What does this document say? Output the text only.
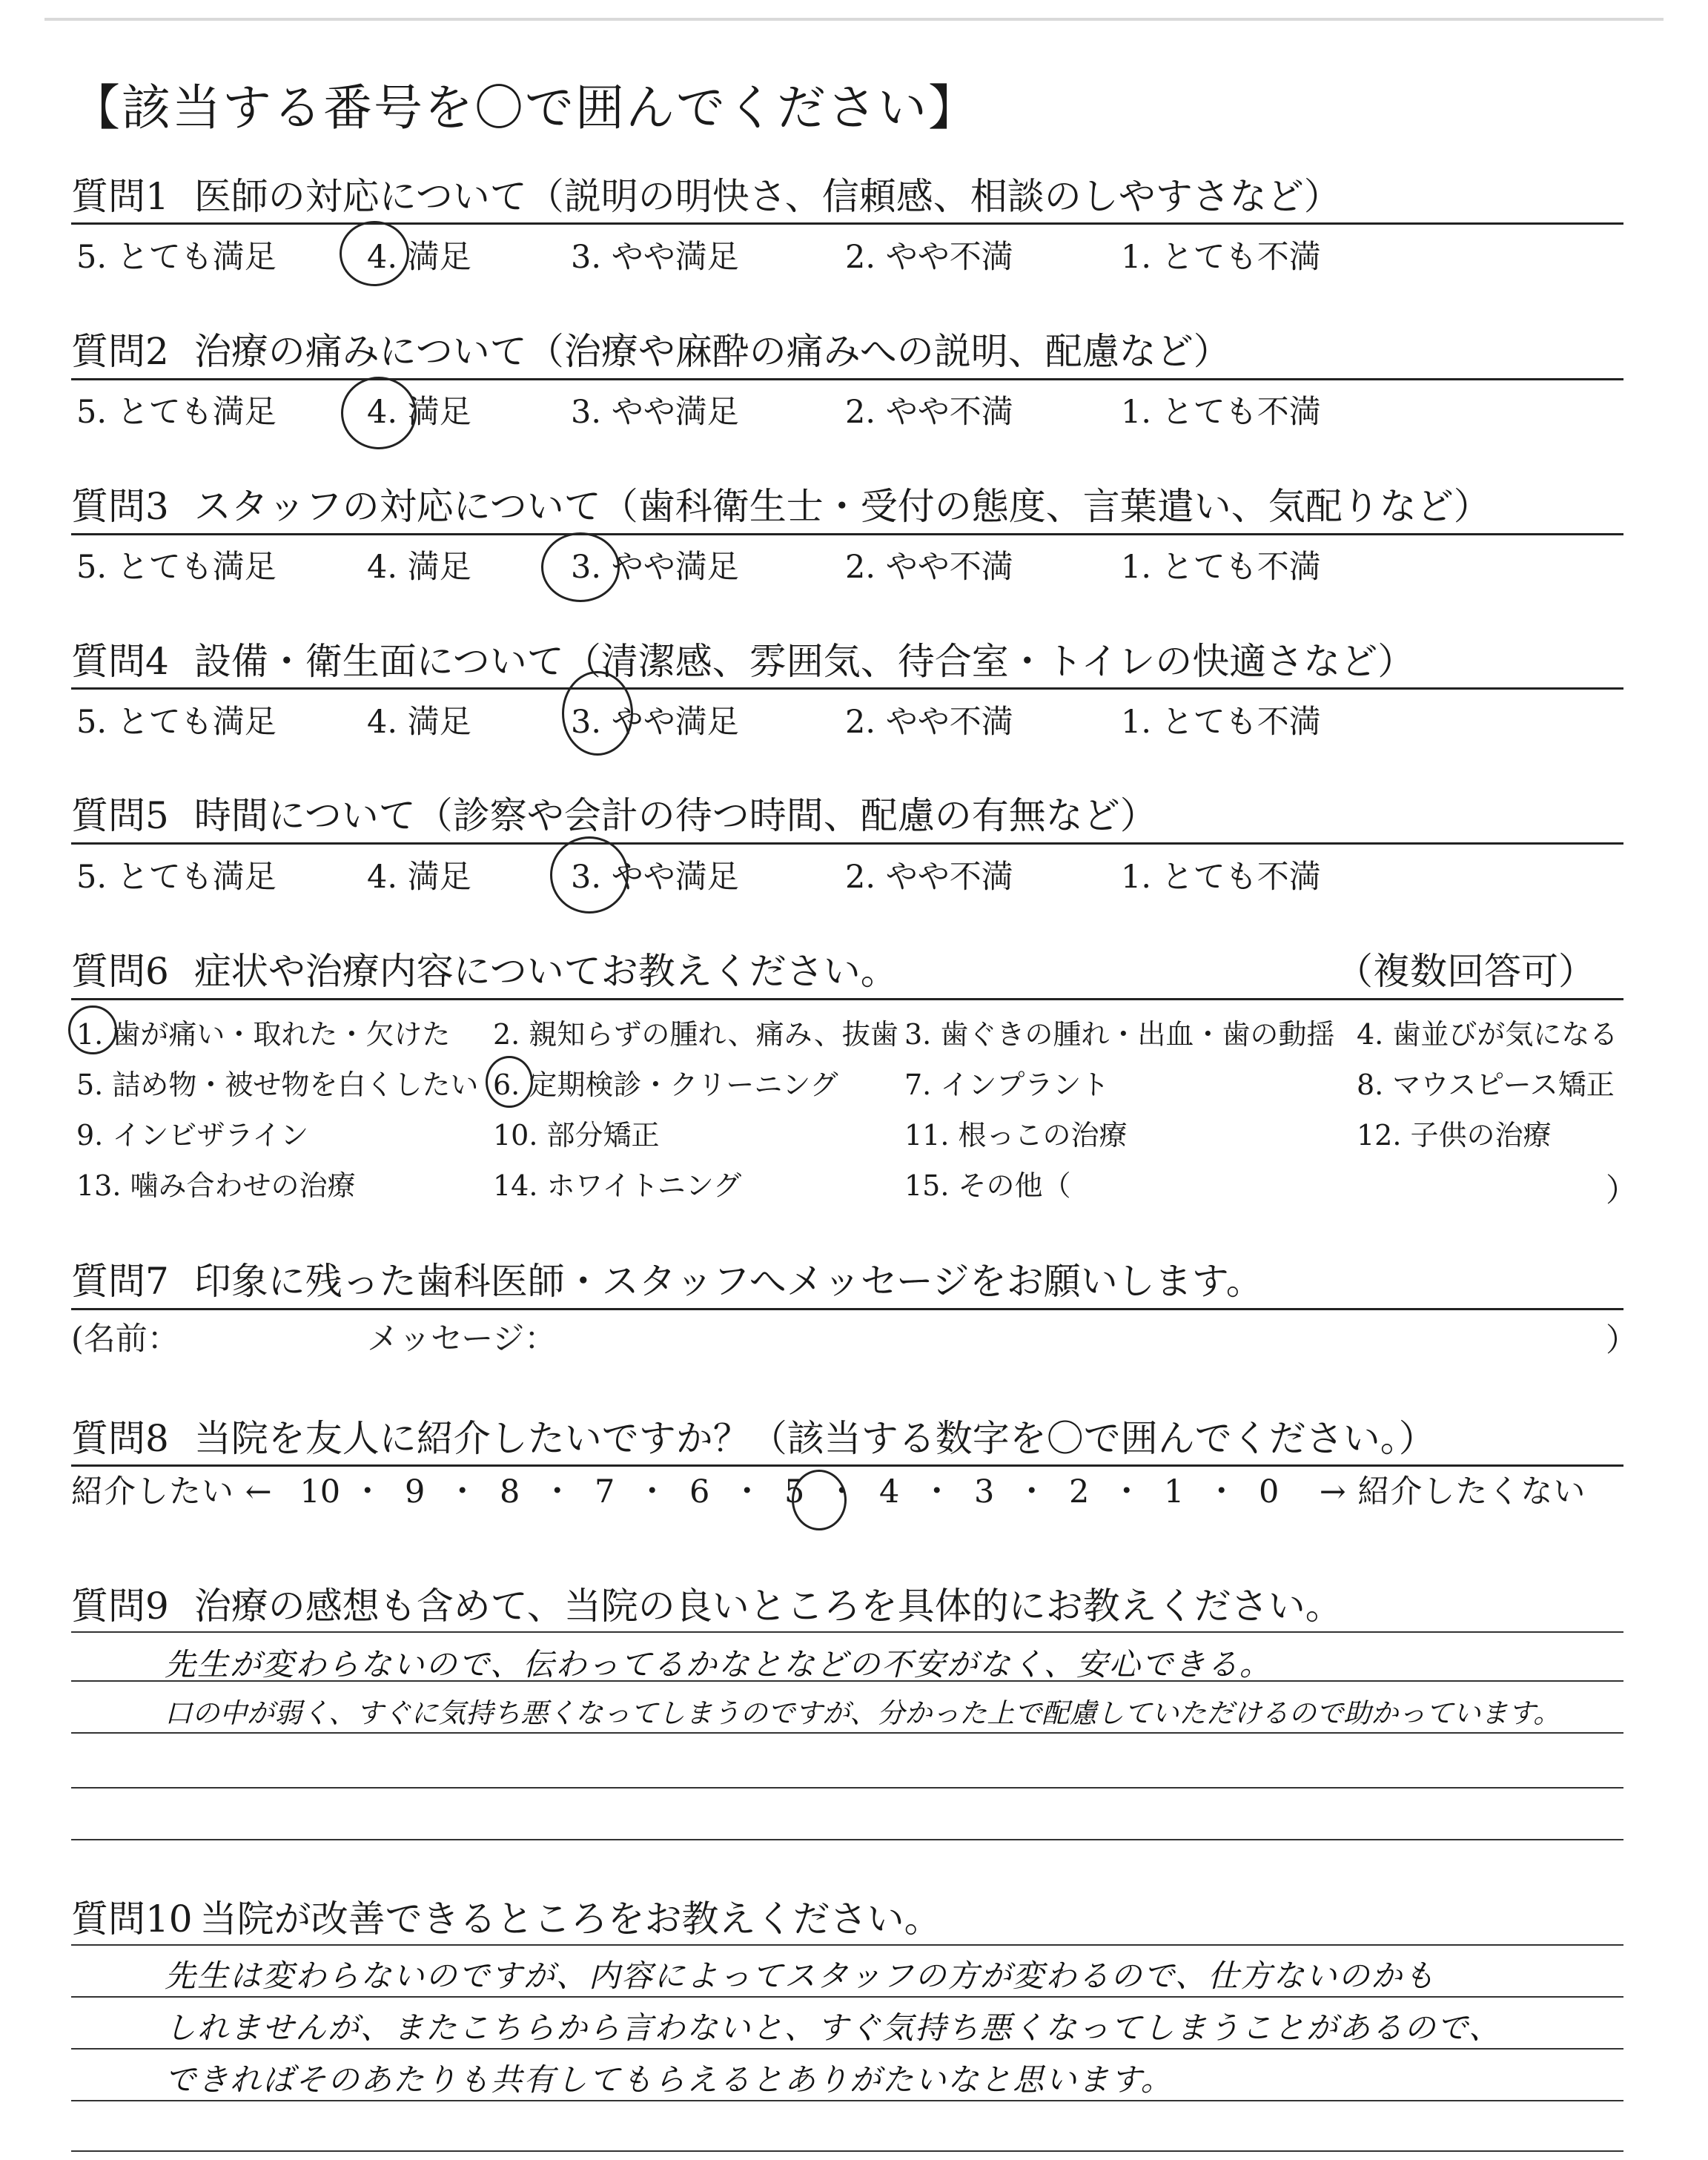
【該当する番号を〇で囲んでください】
質問1 医師の対応について（説明の明快さ、信頼感、相談のしやすさなど）
5. とても満足	4. 満足	3. やや満足	2. やや不満	1. とても不満
質問2 治療の痛みについて（治療や麻酔の痛みへの説明、配慮など）
5. とても満足	4. 満足	3. やや満足	2. やや不満	1. とても不満
質問3 スタッフの対応について（歯科衛生士・受付の態度、言葉遣い、気配りなど）
5. とても満足	4. 満足	3. やや満足	2. やや不満	1. とても不満
質問4 設備・衛生面について（清潔感、雰囲気、待合室・トイレの快適さなど）
5. とても満足	4. 満足	3. やや満足	2. やや不満	1. とても不満
質問5 時間について（診察や会計の待つ時間、配慮の有無など）
5. とても満足	4. 満足	3. やや満足	2. やや不満	1. とても不満
質問6 症状や治療内容についてお教えください。	（複数回答可）
1. 歯が痛い・取れた・欠けた 2. 親知らずの腫れ、痛み、抜歯 3. 歯ぐきの腫れ・出血・歯の動揺 4. 歯並びが気になる
5. 詰め物・被せ物を白くしたい 6. 定期検診・クリーニング 7. インプラント	8. マウスピース矯正
9. インビザライン	10. 部分矯正	11. 根っこの治療	12. 子供の治療
13. 噛み合わせの治療	14. ホワイトニング	15. その他（	）
質問7 印象に残った歯科医師・スタッフへメッセージをお願いします。
(名前：	メッセージ：	）
質問8 当院を友人に紹介したいですか？（該当する数字を〇で囲んでください。）
紹介したい ← 10 ・ 9 ・ 8 ・ 7 ・ 6 ・ 5 ・ 4 ・ 3 ・ 2 ・ 1 ・ 0 → 紹介したくない
質問9 治療の感想も含めて、当院の良いところを具体的にお教えください。
先生が変わらないので、伝わってるかなとなどの不安がなく、安心できる。
口の中が弱く、すぐに気持ち悪くなってしまうのですが、分かった上で配慮していただけるので助かっています。
質問10 当院が改善できるところをお教えください。
先生は変わらないのですが、内容によってスタッフの方が変わるので、仕方ないのかも
しれませんが、またこちらから言わないと、すぐ気持ち悪くなってしまうことがあるので、
できればそのあたりも共有してもらえるとありがたいなと思います。
